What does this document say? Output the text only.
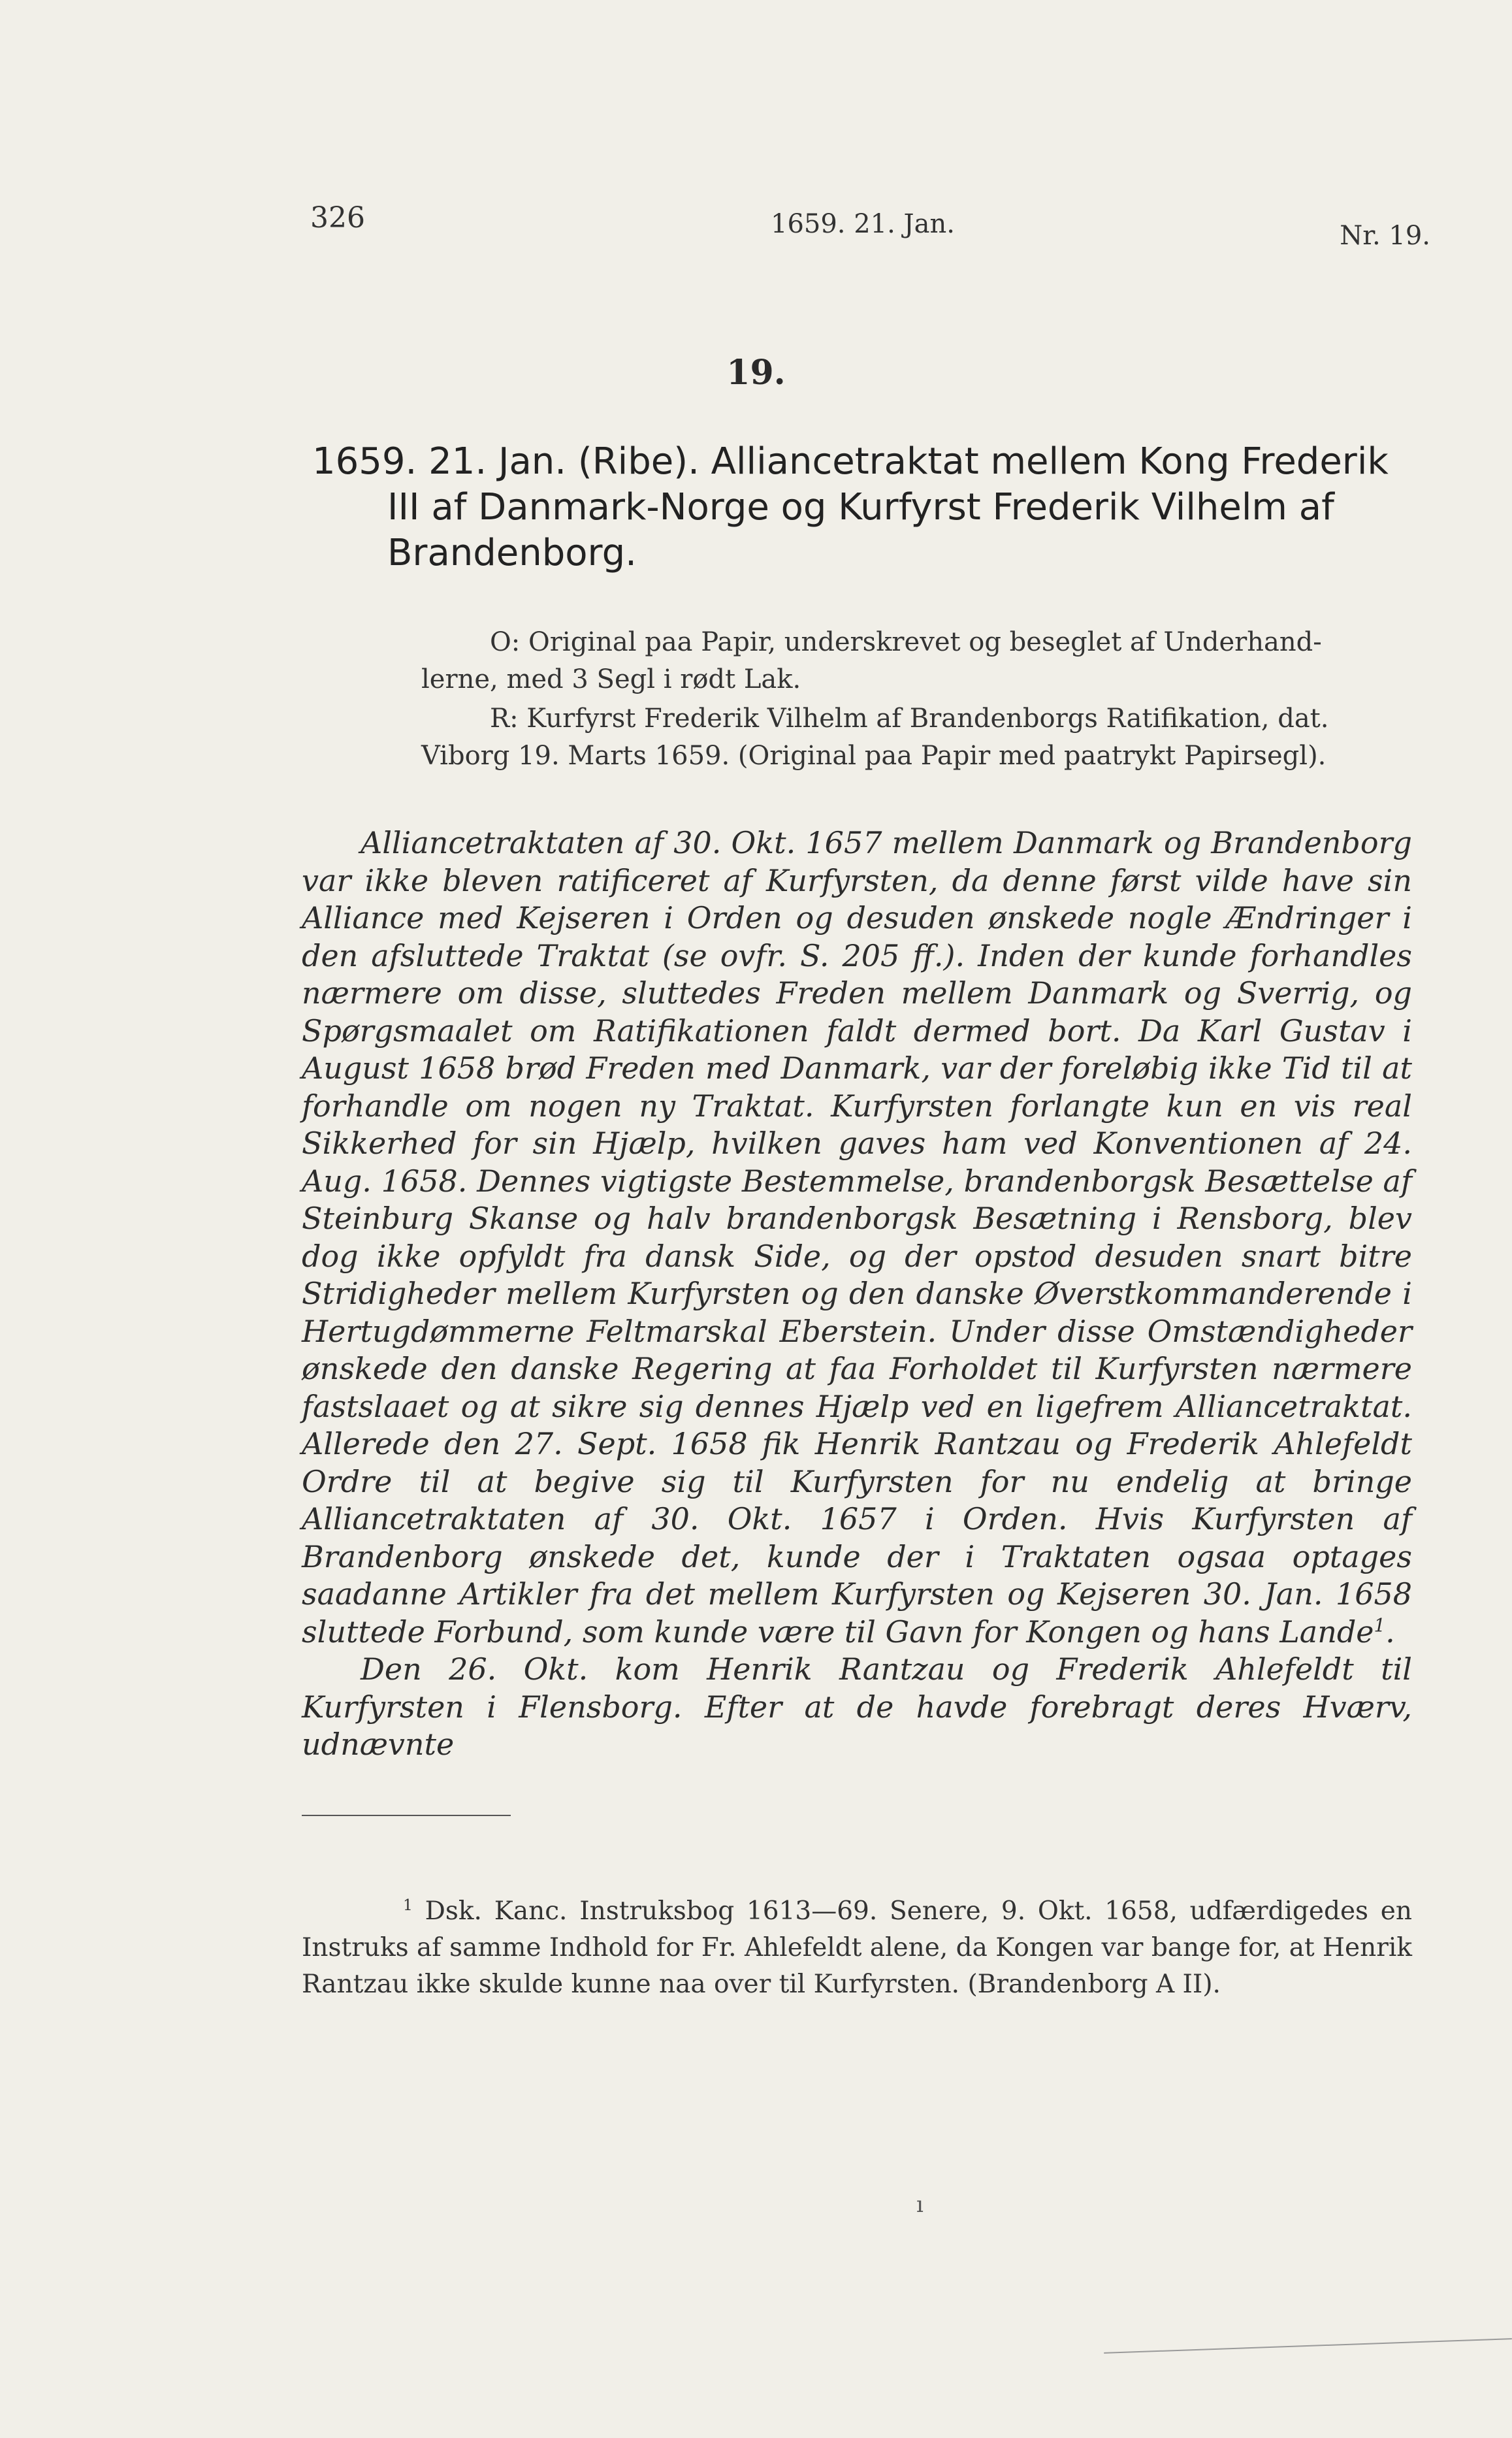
326	1659. 21. Jan.	Nr. 19.
19.
1659. 21. Jan. (Ribe). Alliancetraktat mellem Kong Frederik
III af Danmark-Norge og Kurfyrst Frederik Vilhelm af
Brandenborg.
O: Original paa Papir, underskrevet og beseglet af Underhand-
lerne, med 3 Segl i rødt Lak.
R: Kurfyrst Frederik Vilhelm af Brandenborgs Ratifikation, dat.
Viborg 19. Marts 1659. (Original paa Papir med paatrykt Papirsegl).

Alliancetraktaten af 30. Okt. 1657 mellem Danmark og Brandenborg var ikke bleven ratificeret af Kurfyrsten, da denne først vilde have sin Alliance med Kejseren i Orden og desuden ønskede nogle Ændringer i den afsluttede Traktat (se ovfr. S. 205 ff.). Inden der kunde forhandles nærmere om disse, sluttedes Freden mellem Danmark og Sverrig, og Spørgsmaalet om Ratifikationen faldt dermed bort. Da Karl Gustav i August 1658 brød Freden med Danmark, var der foreløbig ikke Tid til at forhandle om nogen ny Traktat. Kurfyrsten forlangte kun en vis real Sikkerhed for sin Hjælp, hvilken gaves ham ved Konventionen af 24. Aug. 1658. Dennes vigtigste Bestemmelse, brandenborgsk Besættelse af Steinburg Skanse og halv brandenborgsk Besætning i Rensborg, blev dog ikke opfyldt fra dansk Side, og der opstod desuden snart bitre Stridigheder mellem Kurfyrsten og den danske Øverstkommanderende i Hertugdømmerne Feltmarskal Eberstein. Under disse Omstændigheder ønskede den danske Regering at faa Forholdet til Kurfyrsten nærmere fastslaaet og at sikre sig dennes Hjælp ved en ligefrem Alliancetraktat. Allerede den 27. Sept. 1658 fik Henrik Rantzau og Frederik Ahlefeldt Ordre til at begive sig til Kurfyrsten for nu endelig at bringe Alliancetraktaten af 30. Okt. 1657 i Orden. Hvis Kurfyrsten af Brandenborg ønskede det, kunde der i Traktaten ogsaa optages saadanne Artikler fra det mellem Kurfyrsten og Kejseren 30. Jan. 1658 sluttede Forbund, som kunde være til Gavn for Kongen og hans Lande$^1$.

Den 26. Okt. kom Henrik Rantzau og Frederik Ahlefeldt til Kurfyrsten i Flensborg. Efter at de havde forebragt deres Hværv, udnævnte

$^1$ Dsk. Kanc. Instruksbog 1613—69. Senere, 9. Okt. 1658, udfærdigedes en Instruks af samme Indhold for Fr. Ahlefeldt alene, da Kongen var bange for, at Henrik Rantzau ikke skulde kunne naa over til Kurfyrsten. (Brandenborg A II).

ı
